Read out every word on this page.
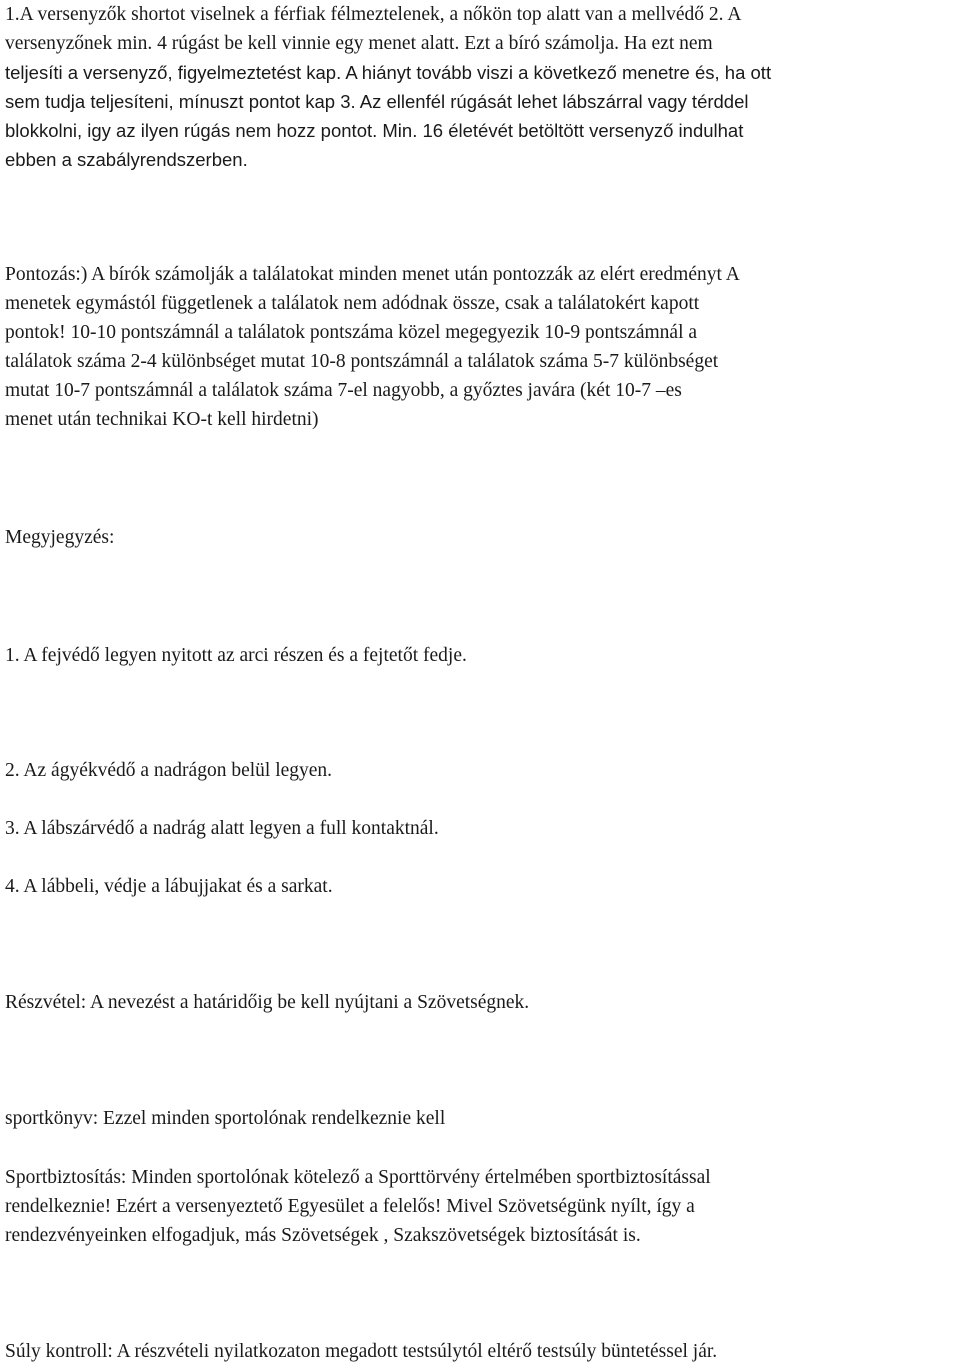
1.A versenyzők shortot viselnek a férfiak félmeztelenek, a nőkön top alatt van a mellvédő 2. A
versenyzőnek min. 4 rúgást be kell vinnie egy menet alatt. Ezt a bíró számolja. Ha ezt nem
teljesíti a versenyző, figyelmeztetést kap. A hiányt tovább viszi a következő menetre és, ha ott
sem tudja teljesíteni, mínuszt pontot kap 3. Az ellenfél rúgását lehet lábszárral vagy térddel
blokkolni, igy az ilyen rúgás nem hozz pontot. Min. 16 életévét betöltött versenyző indulhat
ebben a szabályrendszerben.
Pontozás:) A bírók számolják a találatokat minden menet után pontozzák az elért eredményt A
menetek egymástól függetlenek a találatok nem adódnak össze, csak a találatokért kapott
pontok! 10-10 pontszámnál a találatok pontszáma közel megegyezik 10-9 pontszámnál a
találatok száma 2-4 különbséget mutat 10-8 pontszámnál a találatok száma 5-7 különbséget
mutat 10-7 pontszámnál a találatok száma 7-el nagyobb, a győztes javára (két 10-7 –es
menet után technikai KO-t kell hirdetni)
Megyjegyzés:
1. A fejvédő legyen nyitott az arci részen és a fejtetőt fedje.
2. Az ágyékvédő a nadrágon belül legyen.
3. A lábszárvédő a nadrág alatt legyen a full kontaktnál.
4. A lábbeli, védje a lábujjakat és a sarkat.
Részvétel: A nevezést a határidőig be kell nyújtani a Szövetségnek.
sportkönyv: Ezzel minden sportolónak rendelkeznie kell
Sportbiztosítás: Minden sportolónak kötelező a Sporttörvény értelmében sportbiztosítással
rendelkeznie! Ezért a versenyeztető Egyesület a felelős! Mivel Szövetségünk nyílt, így a
rendezvényeinken elfogadjuk, más Szövetségek , Szakszövetségek biztosítását is.
Súly kontroll: A részvételi nyilatkozaton megadott testsúlytól eltérő testsúly büntetéssel jár.
